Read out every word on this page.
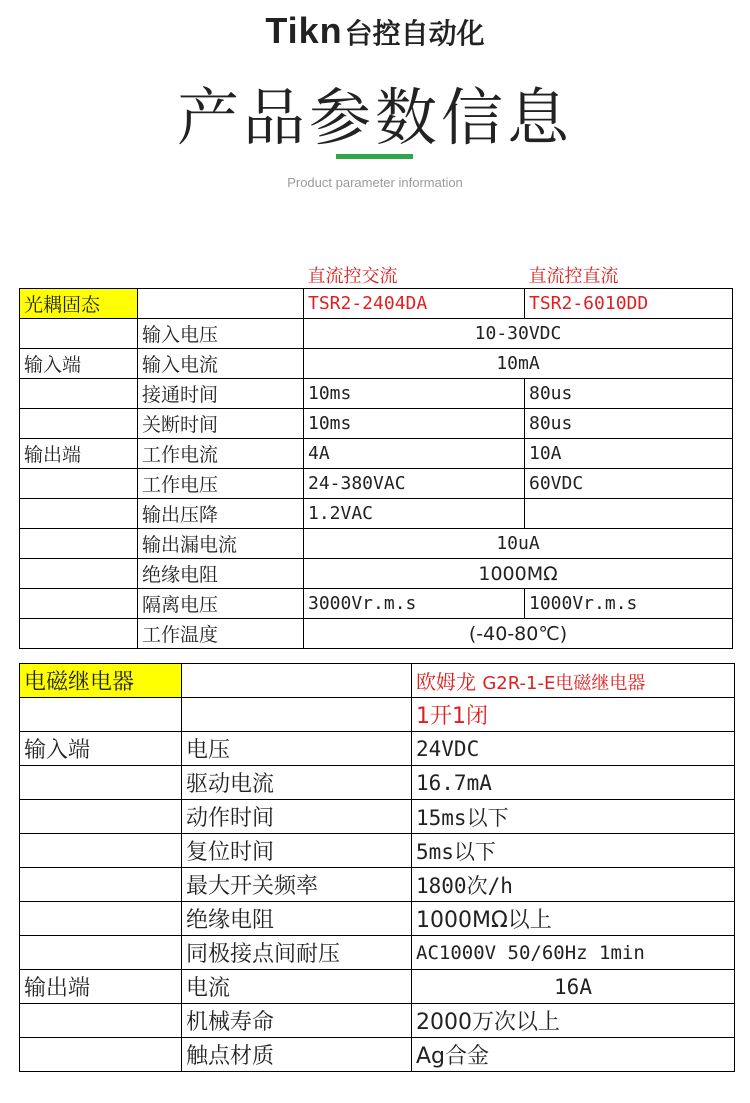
Tikn台控自动化
产品参数信息
Product parameter information
		直流控交流	直流控直流
光耦固态		TSR2-2404DA	TSR2-6010DD
	输入电压	10-30VDC	
输入端	输入电流	10mA	
	接通时间	10ms	80us
	关断时间	10ms	80us
输出端	工作电流	4A	10A
	工作电压	24-380VAC	60VDC
	输出压降	1.2VAC	
	输出漏电流	10uA	
	绝缘电阻	1000MΩ	
	隔离电压	3000Vr.m.s	1000Vr.m.s
	工作温度	(-40-80℃)	
电磁继电器		欧姆龙 G2R-1-E电磁继电器
		1开1闭
输入端	电压	24VDC
	驱动电流	16.7mA
	动作时间	15ms以下
	复位时间	5ms以下
	最大开关频率	1800次/h
	绝缘电阻	1000MΩ以上
	同极接点间耐压	AC1000V 50/60Hz 1min
输出端	电流	16A
	机械寿命	2000万次以上
	触点材质	Ag合金
